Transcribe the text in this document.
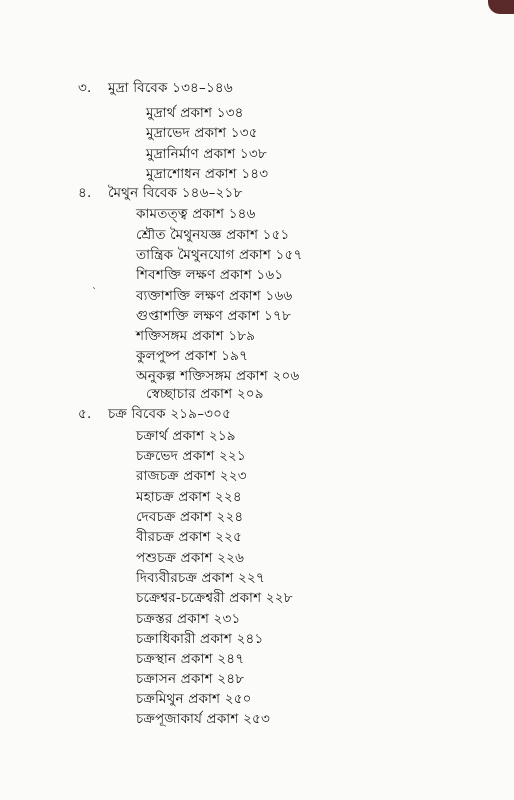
ˋ
৩. মুদ্রা বিবেক ১৩৪–১৪৬
মুদ্রার্থ প্রকাশ ১৩৪
মুদ্রাভেদ প্রকাশ ১৩৫
মুদ্রানির্মাণ প্রকাশ ১৩৮
মুদ্রাশোধন প্রকাশ ১৪৩
৪. মৈথুন বিবেক ১৪৬–২১৮
কামতত্ত্ব প্রকাশ ১৪৬
শ্রৌত মৈথুনযজ্ঞ প্রকাশ ১৫১
তান্ত্রিক মৈথুনযোগ প্রকাশ ১৫৭
শিবশক্তি লক্ষণ প্রকাশ ১৬১
ব্যক্তাশক্তি লক্ষণ প্রকাশ ১৬৬
গুপ্তাশক্তি লক্ষণ প্রকাশ ১৭৮
শক্তিসঙ্গম প্রকাশ ১৮৯
কুলপুষ্প প্রকাশ ১৯৭
অনুকল্প শক্তিসঙ্গম প্রকাশ ২০৬
স্বেচ্ছাচার প্রকাশ ২০৯
৫. চক্র বিবেক ২১৯–৩০৫
চক্রার্থ প্রকাশ ২১৯
চক্রভেদ প্রকাশ ২২১
রাজচক্র প্রকাশ ২২৩
মহাচক্র প্রকাশ ২২৪
দেবচক্র প্রকাশ ২২৪
বীরচক্র প্রকাশ ২২৫
পশুচক্র প্রকাশ ২২৬
দিব্যবীরচক্র প্রকাশ ২২৭
চক্রেশ্বর-চক্রেশ্বরী প্রকাশ ২২৮
চক্রস্তর প্রকাশ ২৩১
চক্রাধিকারী প্রকাশ ২৪১
চক্রস্থান প্রকাশ ২৪৭
চক্রাসন প্রকাশ ২৪৮
চক্রমিথুন প্রকাশ ২৫০
চক্রপূজাকার্য প্রকাশ ২৫৩
